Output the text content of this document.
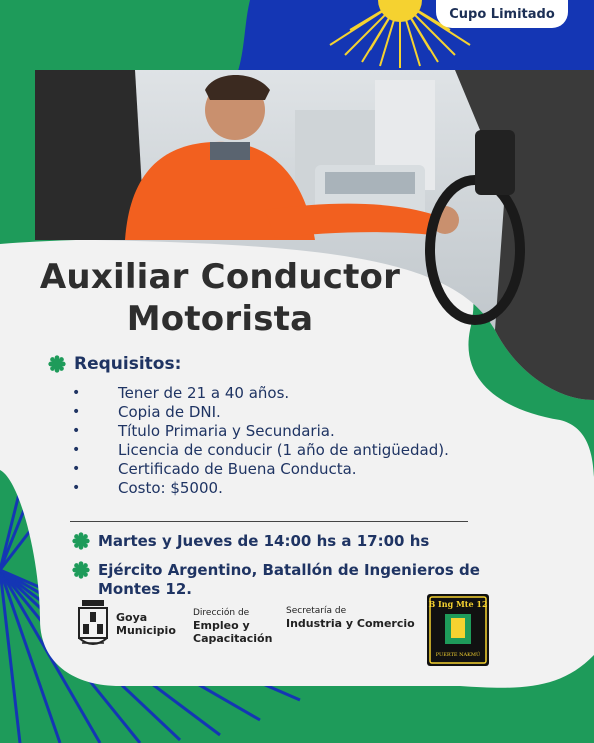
Cupo Limitado
Auxiliar Conductor
Motorista
Requisitos:
•	Tener de 21 a 40 años.
•	Copia de DNI.
•	Título Primaria y Secundaria.
•	Licencia de conducir (1 año de antigüedad).
•	Certificado de Buena Conducta.
•	Costo: $5000.
Martes y Jueves de 14:00 hs a 17:00 hs
Ejército Argentino, Batallón de Ingenieros de
Montes 12.
Goya
Municipio
Dirección de
Empleo y
Capacitación
Secretaría de
Industria y Comercio
B Ing Mte 12
PUERTE NAKMÚ
